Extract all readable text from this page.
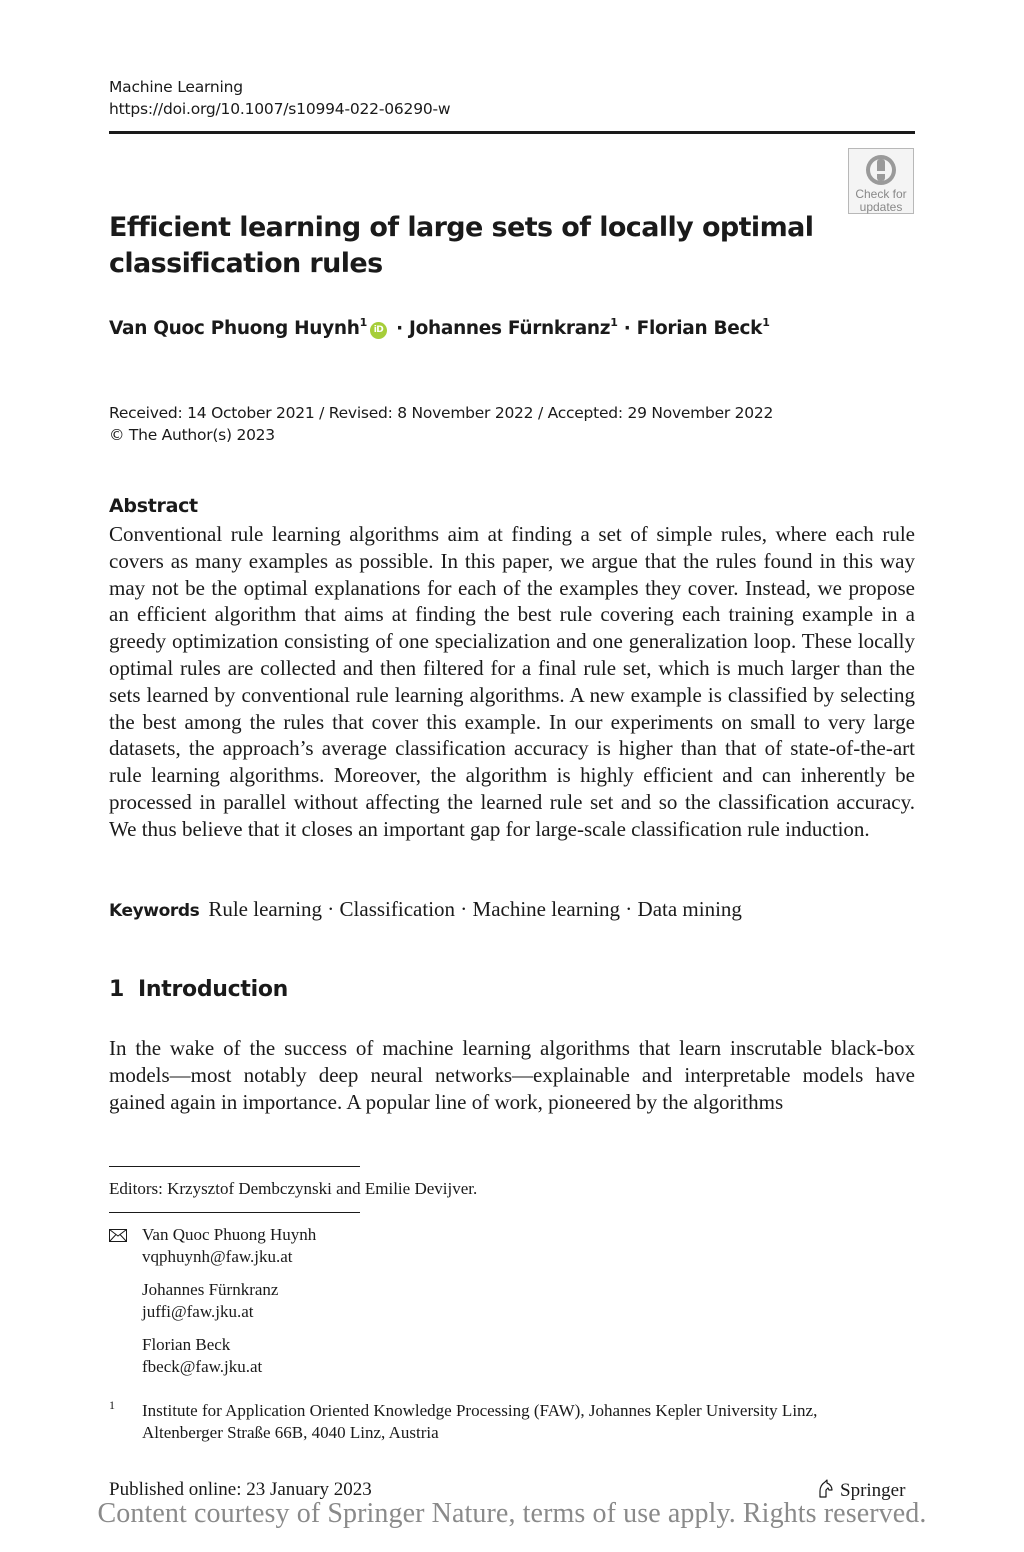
Machine Learning
https://doi.org/10.1007/s10994-022-06290-w
Check for
updates
Efficient learning of large sets of locally optimal classification rules
Van Quoc Phuong Huynh$^1$iD · Johannes Fürnkranz$^1$ · Florian Beck$^1$
Received: 14 October 2021 / Revised: 8 November 2022 / Accepted: 29 November 2022
© The Author(s) 2023
Abstract

Conventional rule learning algorithms aim at finding a set of simple rules, where each rule covers as many examples as possible. In this paper, we argue that the rules found in this way may not be the optimal explanations for each of the examples they cover. Instead, we propose an efficient algorithm that aims at finding the best rule covering each training example in a greedy optimization consisting of one specialization and one generalization loop. These locally optimal rules are collected and then filtered for a final rule set, which is much larger than the sets learned by conventional rule learning algorithms. A new example is classified by selecting the best among the rules that cover this example. In our experiments on small to very large datasets, the approach’s average classification accuracy is higher than that of state-of-the-art rule learning algorithms. Moreover, the algorithm is highly efficient and can inherently be processed in parallel without affecting the learned rule set and so the classification accuracy. We thus believe that it closes an important gap for large-scale classification rule induction.

Keywords Rule learning · Classification · Machine learning · Data mining
1 Introduction

In the wake of the success of machine learning algorithms that learn inscrutable black-box models—most notably deep neural networks—explainable and interpretable models have gained again in importance. A popular line of work, pioneered by the algorithms

Editors: Krzysztof Dembczynski and Emilie Devijver.
Van Quoc Phuong Huynh
vqphuynh@faw.jku.at
Johannes Fürnkranz
juffi@faw.jku.at
Florian Beck
fbeck@faw.jku.at
1 Institute for Application Oriented Knowledge Processing (FAW), Johannes Kepler University Linz,
Altenberger Straße 66B, 4040 Linz, Austria
Published online: 23 January 2023	Springer
Content courtesy of Springer Nature, terms of use apply. Rights reserved.
